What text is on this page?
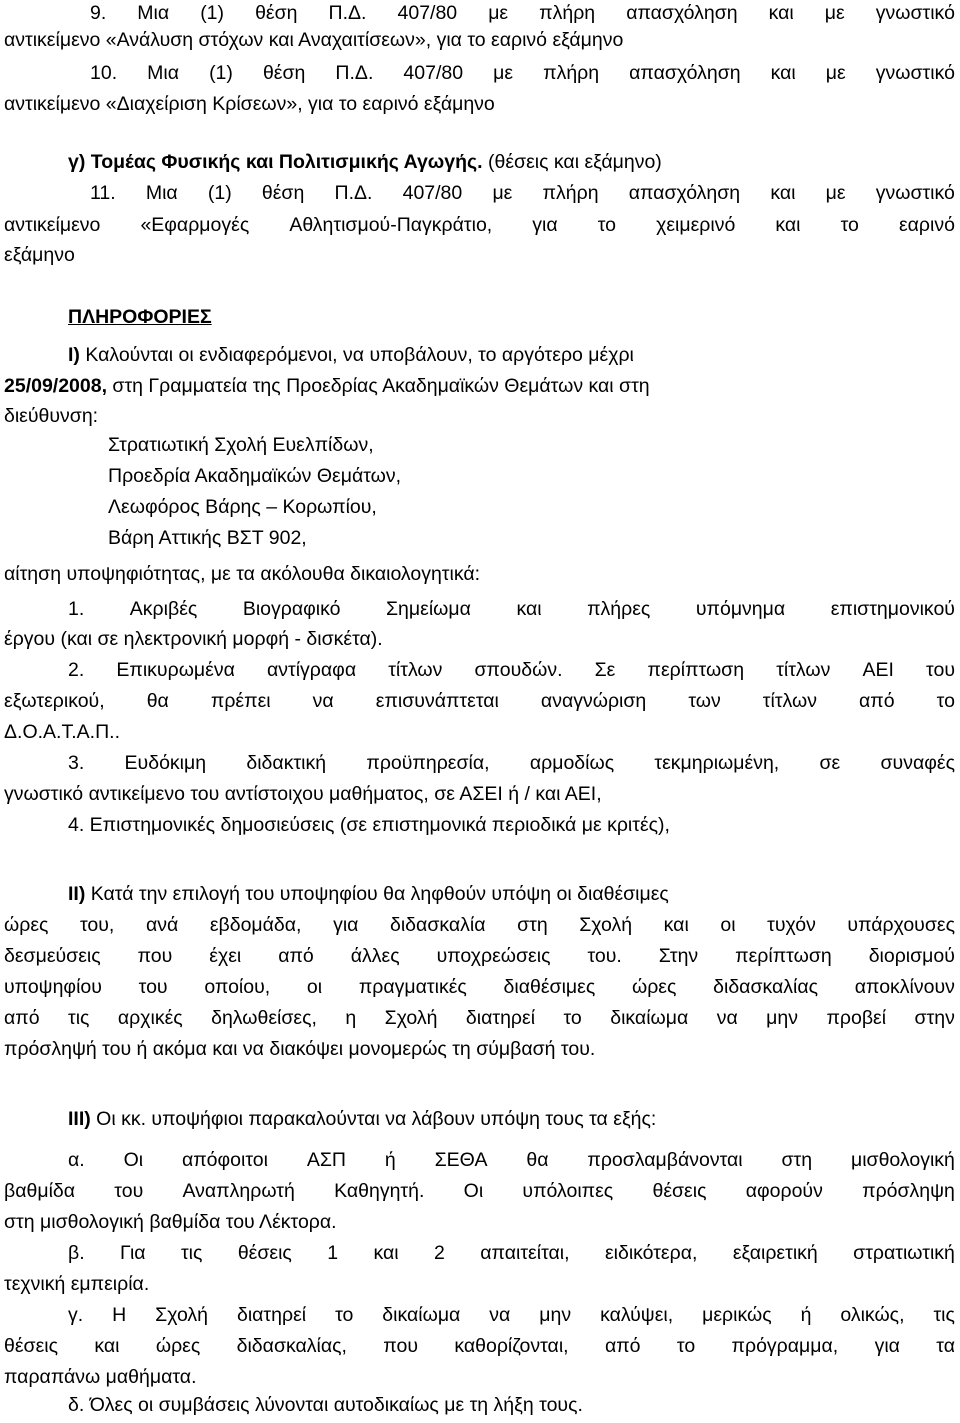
9. Μια (1) θέση Π.Δ. 407/80 με πλήρη απασχόληση και με γνωστικό
αντικείμενο «Ανάλυση στόχων και Αναχαιτίσεων», για το εαρινό εξάμηνο
10. Μια (1) θέση Π.Δ. 407/80 με πλήρη απασχόληση και με γνωστικό
αντικείμενο «Διαχείριση Κρίσεων», για το εαρινό εξάμηνο
γ) Τομέας Φυσικής και Πολιτισμικής Αγωγής. (θέσεις και εξάμηνο)
11. Μια (1) θέση Π.Δ. 407/80 με πλήρη απασχόληση και με γνωστικό
αντικείμενο «Εφαρμογές Αθλητισμού-Παγκράτιο, για το χειμερινό και το εαρινό
εξάμηνο
ΠΛΗΡΟΦΟΡΙΕΣ
I) Καλούνται οι ενδιαφερόμενοι, να υποβάλουν, το αργότερο μέχρι
25/09/2008, στη Γραμματεία της Προεδρίας Ακαδημαϊκών Θεμάτων και στη
διεύθυνση:
Στρατιωτική Σχολή Ευελπίδων,
Προεδρία Ακαδημαϊκών Θεμάτων,
Λεωφόρος Βάρης – Κορωπίου,
Βάρη Αττικής ΒΣΤ 902,
αίτηση υποψηφιότητας, με τα ακόλουθα δικαιολογητικά:
1. Ακριβές Βιογραφικό Σημείωμα και πλήρες υπόμνημα επιστημονικού
έργου (και σε ηλεκτρονική μορφή - δισκέτα).
2. Επικυρωμένα αντίγραφα τίτλων σπουδών. Σε περίπτωση τίτλων ΑΕΙ του
εξωτερικού, θα πρέπει να επισυνάπτεται αναγνώριση των τίτλων από το
Δ.Ο.Α.Τ.Α.Π..
3. Ευδόκιμη διδακτική προϋπηρεσία, αρμοδίως τεκμηριωμένη, σε συναφές
γνωστικό αντικείμενο του αντίστοιχου μαθήματος, σε ΑΣΕΙ ή / και ΑΕΙ,
4. Επιστημονικές δημοσιεύσεις (σε επιστημονικά περιοδικά με κριτές),
II) Κατά την επιλογή του υποψηφίου θα ληφθούν υπόψη οι διαθέσιμες
ώρες του, ανά εβδομάδα, για διδασκαλία στη Σχολή και οι τυχόν υπάρχουσες
δεσμεύσεις που έχει από άλλες υποχρεώσεις του. Στην περίπτωση διορισμού
υποψηφίου του οποίου, οι πραγματικές διαθέσιμες ώρες διδασκαλίας αποκλίνουν
από τις αρχικές δηλωθείσες, η Σχολή διατηρεί το δικαίωμα να μην προβεί στην
πρόσληψή του ή ακόμα και να διακόψει μονομερώς τη σύμβασή του.
III) Οι κκ. υποψήφιοι παρακαλούνται να λάβουν υπόψη τους τα εξής:
α. Οι απόφοιτοι ΑΣΠ ή ΣΕΘΑ θα προσλαμβάνονται στη μισθολογική
βαθμίδα του Αναπληρωτή Καθηγητή. Οι υπόλοιπες θέσεις αφορούν πρόσληψη
στη μισθολογική βαθμίδα του Λέκτορα.
β. Για τις θέσεις 1 και 2 απαιτείται, ειδικότερα, εξαιρετική στρατιωτική
τεχνική εμπειρία.
γ. Η Σχολή διατηρεί το δικαίωμα να μην καλύψει, μερικώς ή ολικώς, τις
θέσεις και ώρες διδασκαλίας, που καθορίζονται, από το πρόγραμμα, για τα
παραπάνω μαθήματα.
δ. Όλες οι συμβάσεις λύνονται αυτοδικαίως με τη λήξη τους.
